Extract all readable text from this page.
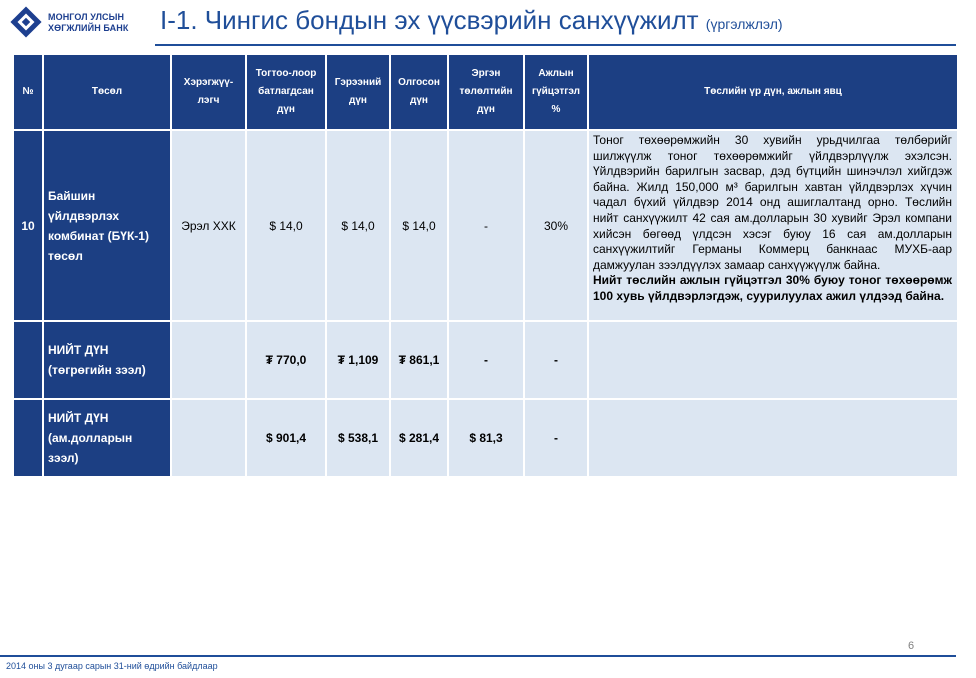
МОНГОЛ УЛСЫН
ХӨГЖЛИЙН БАНК I-1. Чингис бондын эх үүсвэрийн санхүүжилт (үргэлжлэл)
№	Төсөл	Хэрэгжүү-лэгч	Тогтоо-лоор батлагдсан дүн	Гэрээний дүн	Олгосон дүн	Эргэн төлөлтийн дүн	Ажлын гүйцэтгэл %	Төслийн үр дүн, ажлын явц
10	Байшин үйлдвэрлэх комбинат (БҮК-1) төсөл	Эрэл ХХК	$ 14,0	$ 14,0	$ 14,0	-	30%	Тоног төхөөрөмжийн 30 хувийн урьдчилгаа төлбөрийг шилжүүлж тоног төхөөрөмжийг үйлдвэрлүүлж эхэлсэн. Үйлдвэрийн барилгын засвар, дэд бүтцийн шинэчлэл хийгдэж байна. Жилд 150,000 м³ барилгын хавтан үйлдвэрлэх хүчин чадал бүхий үйлдвэр 2014 онд ашиглалтанд орно. Төслийн нийт санхүүжилт 42 сая ам.долларын 30 хувийг Эрэл компани хийсэн бөгөөд үлдсэн хэсэг буюу 16 сая ам.долларын санхүүжилтийг Германы Коммерц банкнаас МУХБ-аар дамжуулан зээлдүүлэх замаар санхүүжүүлж байна.
Нийт төслийн ажлын гүйцэтгэл 30% буюу тоног төхөөрөмж 100 хувь үйлдвэрлэгдэж, суурилуулах ажил үлдээд байна.

	НИЙТ ДҮН (төгрөгийн зээл)		₮ 770,0	₮ 1,109	₮ 861,1	-	-	
	НИЙТ ДҮН (ам.долларын зээл)		$ 901,4	$ 538,1	$ 281,4	$ 81,3	-	
6
2014 оны 3 дугаар сарын 31-ний өдрийн байдлаар
